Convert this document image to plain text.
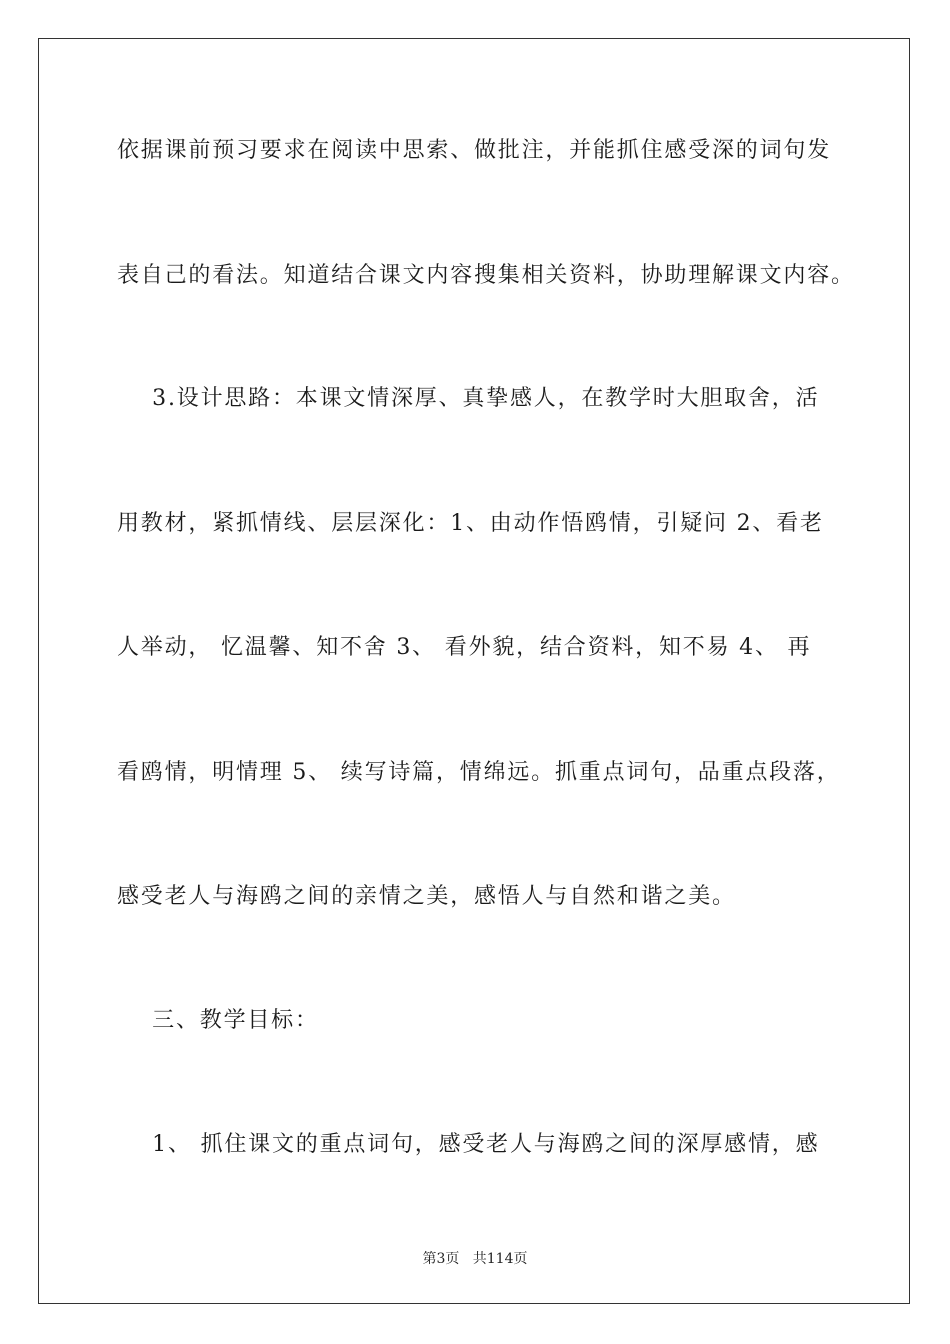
依据课前预习要求在阅读中思索、做批注，并能抓住感受深的词句发
表自己的看法。知道结合课文内容搜集相关资料，协助理解课文内容。
3.设计思路：本课文情深厚、真挚感人，在教学时大胆取舍，活
用教材，紧抓情线、层层深化：1、由动作悟鸥情，引疑问 2、看老
人举动， 忆温馨、知不舍 3、 看外貌，结合资料，知不易 4、 再
看鸥情，明情理 5、 续写诗篇，情绵远。抓重点词句，品重点段落，
感受老人与海鸥之间的亲情之美，感悟人与自然和谐之美。
三、教学目标：
1、 抓住课文的重点词句，感受老人与海鸥之间的深厚感情，感
第3页   共114页
